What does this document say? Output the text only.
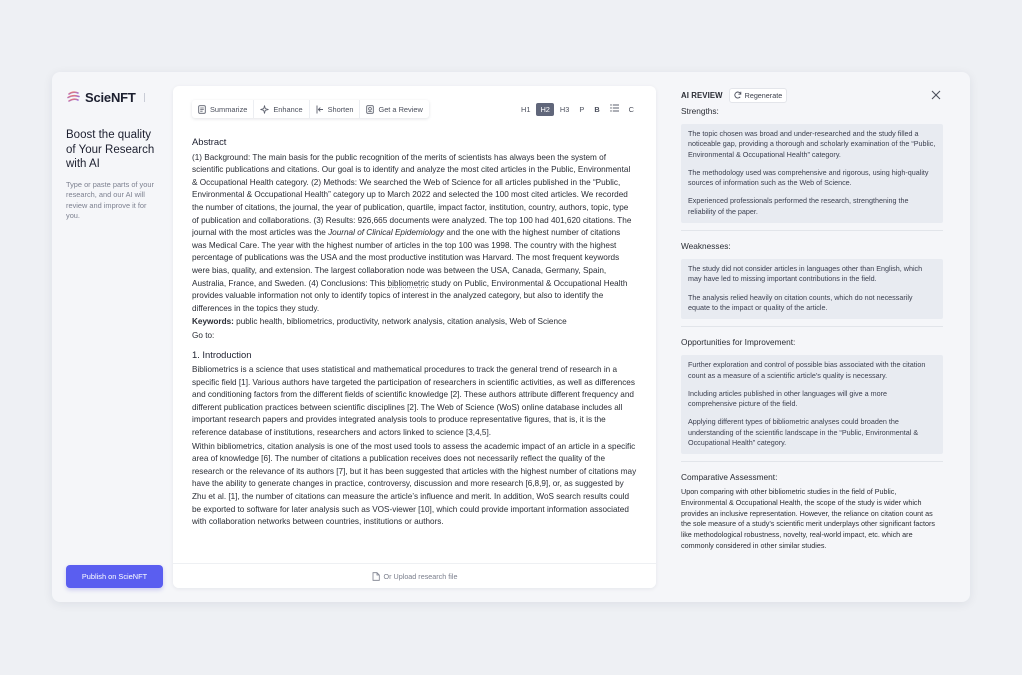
ScieNFT
Boost the quality of Your Research with AI
Type or paste parts of your research, and our AI will review and improve it for you.
Publish on ScieNFT
Summarize	Enhance	Shorten	Get a Review	H1	H2	H3	P	B	C
Abstract

(1) Background: The main basis for the public recognition of the merits of scientists has always been the system of scientific publications and citations. Our goal is to identify and analyze the most cited articles in the Public, Environmental & Occupational Health category. (2) Methods: We searched the Web of Science for all articles published in the “Public, Environmental & Occupational Health” category up to March 2022 and selected the 100 most cited articles. We recorded the number of citations, the journal, the year of publication, quartile, impact factor, institution, country, authors, topic, type of publication and collaborations. (3) Results: 926,665 documents were analyzed. The top 100 had 401,620 citations. The journal with the most articles was the Journal of Clinical Epidemiology and the one with the highest number of citations was Medical Care. The year with the highest number of articles in the top 100 was 1998. The country with the highest percentage of publications was the USA and the most productive institution was Harvard. The most frequent keywords were bias, quality, and extension. The largest collaboration node was between the USA, Canada, Germany, Spain, Australia, France, and Sweden. (4) Conclusions: This bibliometric study on Public, Environmental & Occupational Health provides valuable information not only to identify topics of interest in the analyzed category, but also to identify the differences in the topics they study.

Keywords: public health, bibliometrics, productivity, network analysis, citation analysis, Web of Science

Go to:

1. Introduction

Bibliometrics is a science that uses statistical and mathematical procedures to track the general trend of research in a specific field [1]. Various authors have targeted the participation of researchers in scientific activities, as well as differences and conditioning factors from the different fields of scientific knowledge [2]. These authors attribute different frequency and different publication practices between scientific disciplines [2]. The Web of Science (WoS) online database includes all important research papers and provides integrated analysis tools to produce representative figures, that is, it is the reference database of institutions, researchers and actors linked to science [3,4,5].

Within bibliometrics, citation analysis is one of the most used tools to assess the academic impact of an article in a specific area of knowledge [6]. The number of citations a publication receives does not necessarily reflect the quality of the research or the relevance of its authors [7], but it has been suggested that articles with the highest number of citations may have the ability to generate changes in practice, controversy, discussion and more research [6,8,9], or, as suggested by Zhu et al. [1], the number of citations can measure the article’s influence and merit. In addition, WoS search results could be exported to software for later analysis such as VOS-viewer [10], which could provide important information associated with collaboration networks between countries, institutions or authors.

Or Upload research file
AI REVIEW	Regenerate
Strengths:

The topic chosen was broad and under-researched and the study filled a noticeable gap, providing a thorough and scholarly examination of the “Public, Environmental & Occupational Health” category.

The methodology used was comprehensive and rigorous, using high-quality sources of information such as the Web of Science.

Experienced professionals performed the research, strengthening the reliability of the paper.

Weaknesses:

The study did not consider articles in languages other than English, which may have led to missing important contributions in the field.

The analysis relied heavily on citation counts, which do not necessarily equate to the impact or quality of the article.

Opportunities for Improvement:

Further exploration and control of possible bias associated with the citation count as a measure of a scientific article’s quality is necessary.

Including articles published in other languages will give a more comprehensive picture of the field.

Applying different types of bibliometric analyses could broaden the understanding of the scientific landscape in the “Public, Environmental & Occupational Health” category.

Comparative Assessment:
Upon comparing with other bibliometric studies in the field of Public, Environmental & Occupational Health, the scope of the study is wider which provides an inclusive representation. However, the reliance on citation count as the sole measure of a study’s scientific merit underplays other significant factors like methodological robustness, novelty, real-world impact, etc. which are commonly considered in other similar studies.
